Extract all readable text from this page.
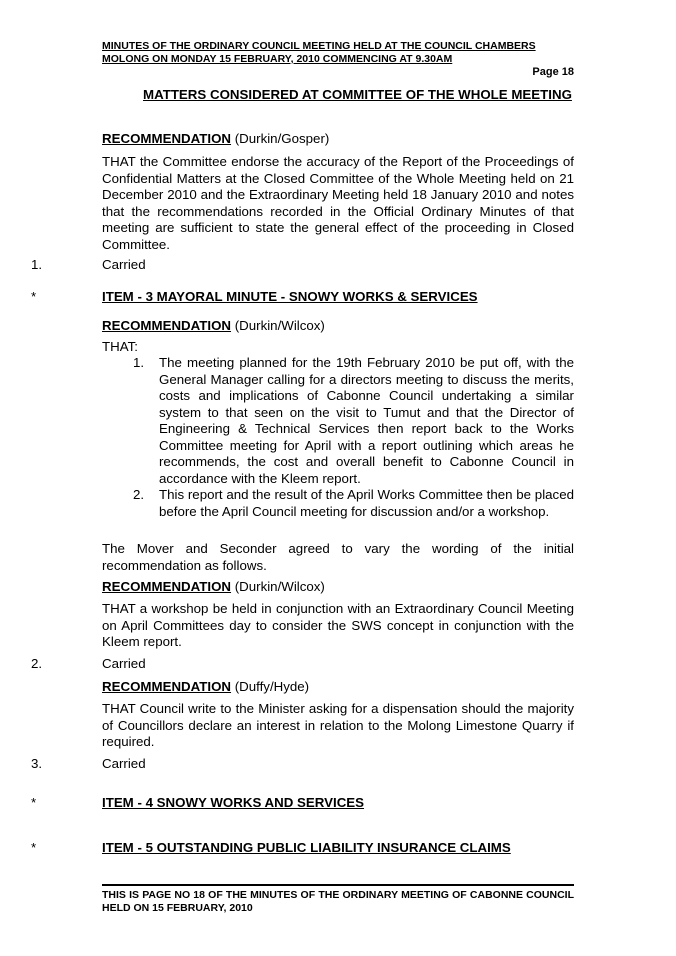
MINUTES OF THE ORDINARY COUNCIL MEETING HELD AT THE COUNCIL CHAMBERS MOLONG ON MONDAY 15 FEBRUARY, 2010 COMMENCING AT 9.30AM
Page 18
MATTERS CONSIDERED AT COMMITTEE OF THE WHOLE MEETING
RECOMMENDATION (Durkin/Gosper)
THAT the Committee endorse the accuracy of the Report of the Proceedings of Confidential Matters at the Closed Committee of the Whole Meeting held on 21 December 2010 and the Extraordinary Meeting held 18 January 2010 and notes that the recommendations recorded in the Official Ordinary Minutes of that meeting are sufficient to state the general effect of the proceeding in Closed Committee.
1.	Carried
*	ITEM - 3 MAYORAL MINUTE - SNOWY WORKS & SERVICES
RECOMMENDATION (Durkin/Wilcox)
THAT:
1. The meeting planned for the 19th February 2010 be put off, with the General Manager calling for a directors meeting to discuss the merits, costs and implications of Cabonne Council undertaking a similar system to that seen on the visit to Tumut and that the Director of Engineering & Technical Services then report back to the Works Committee meeting for April with a report outlining which areas he recommends, the cost and overall benefit to Cabonne Council in accordance with the Kleem report.
2. This report and the result of the April Works Committee then be placed before the April Council meeting for discussion and/or a workshop.
The Mover and Seconder agreed to vary the wording of the initial recommendation as follows.
RECOMMENDATION (Durkin/Wilcox)
THAT a workshop be held in conjunction with an Extraordinary Council Meeting on April Committees day to consider the SWS concept in conjunction with the Kleem report.
2.	Carried
RECOMMENDATION (Duffy/Hyde)
THAT Council write to the Minister asking for a dispensation should the majority of Councillors declare an interest in relation to the Molong Limestone Quarry if required.
3.	Carried
*	ITEM - 4 SNOWY WORKS AND SERVICES
*	ITEM - 5 OUTSTANDING PUBLIC LIABILITY INSURANCE CLAIMS
THIS IS PAGE NO 18 OF THE MINUTES OF THE ORDINARY MEETING OF CABONNE COUNCIL HELD ON 15 FEBRUARY, 2010
